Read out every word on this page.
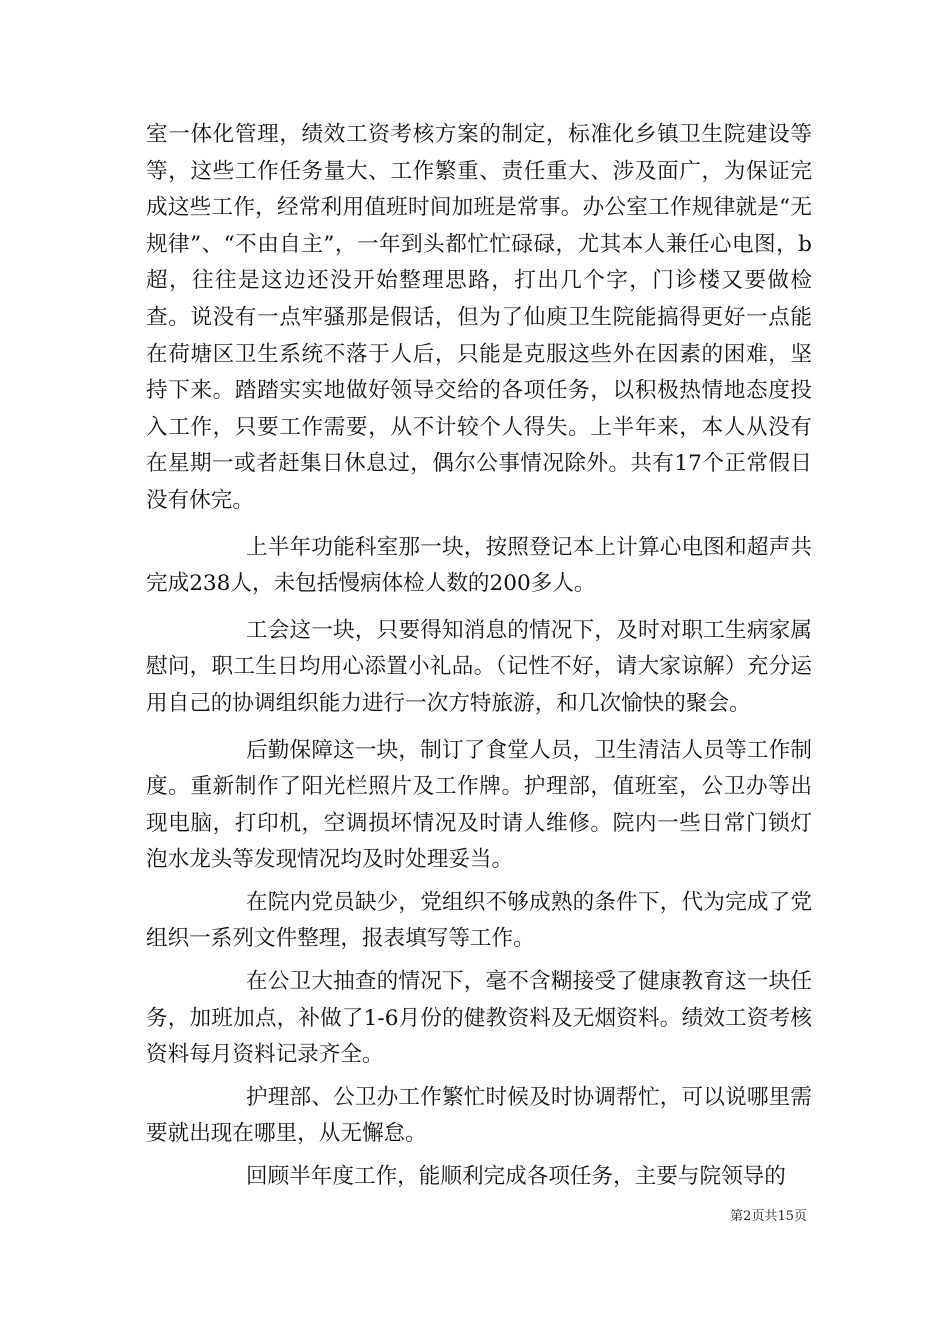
室一体化管理，绩效工资考核方案的制定，标准化乡镇卫生院建设等等，这些工作任务量大、工作繁重、责任重大、涉及面广，为保证完成这些工作，经常利用值班时间加班是常事。办公室工作规律就是“无规律”、“不由自主”，一年到头都忙忙碌碌，尤其本人兼任心电图，b超，往往是这边还没开始整理思路，打出几个字，门诊楼又要做检查。说没有一点牢骚那是假话，但为了仙庾卫生院能搞得更好一点能在荷塘区卫生系统不落于人后，只能是克服这些外在因素的困难，坚持下来。踏踏实实地做好领导交给的各项任务，以积极热情地态度投入工作，只要工作需要，从不计较个人得失。上半年来，本人从没有在星期一或者赶集日休息过，偶尔公事情况除外。共有17个正常假日没有休完。

上半年功能科室那一块，按照登记本上计算心电图和超声共完成238人，未包括慢病体检人数的200多人。

工会这一块，只要得知消息的情况下，及时对职工生病家属慰问，职工生日均用心添置小礼品。（记性不好，请大家谅解）充分运用自己的协调组织能力进行一次方特旅游，和几次愉快的聚会。

后勤保障这一块，制订了食堂人员，卫生清洁人员等工作制度。重新制作了阳光栏照片及工作牌。护理部，值班室，公卫办等出现电脑，打印机，空调损坏情况及时请人维修。院内一些日常门锁灯泡水龙头等发现情况均及时处理妥当。

在院内党员缺少，党组织不够成熟的条件下，代为完成了党组织一系列文件整理，报表填写等工作。

在公卫大抽查的情况下，毫不含糊接受了健康教育这一块任务，加班加点，补做了1-6月份的健教资料及无烟资料。绩效工资考核资料每月资料记录齐全。

护理部、公卫办工作繁忙时候及时协调帮忙，可以说哪里需要就出现在哪里，从无懈怠。

回顾半年度工作，能顺利完成各项任务，主要与院领导的

第2页共15页
